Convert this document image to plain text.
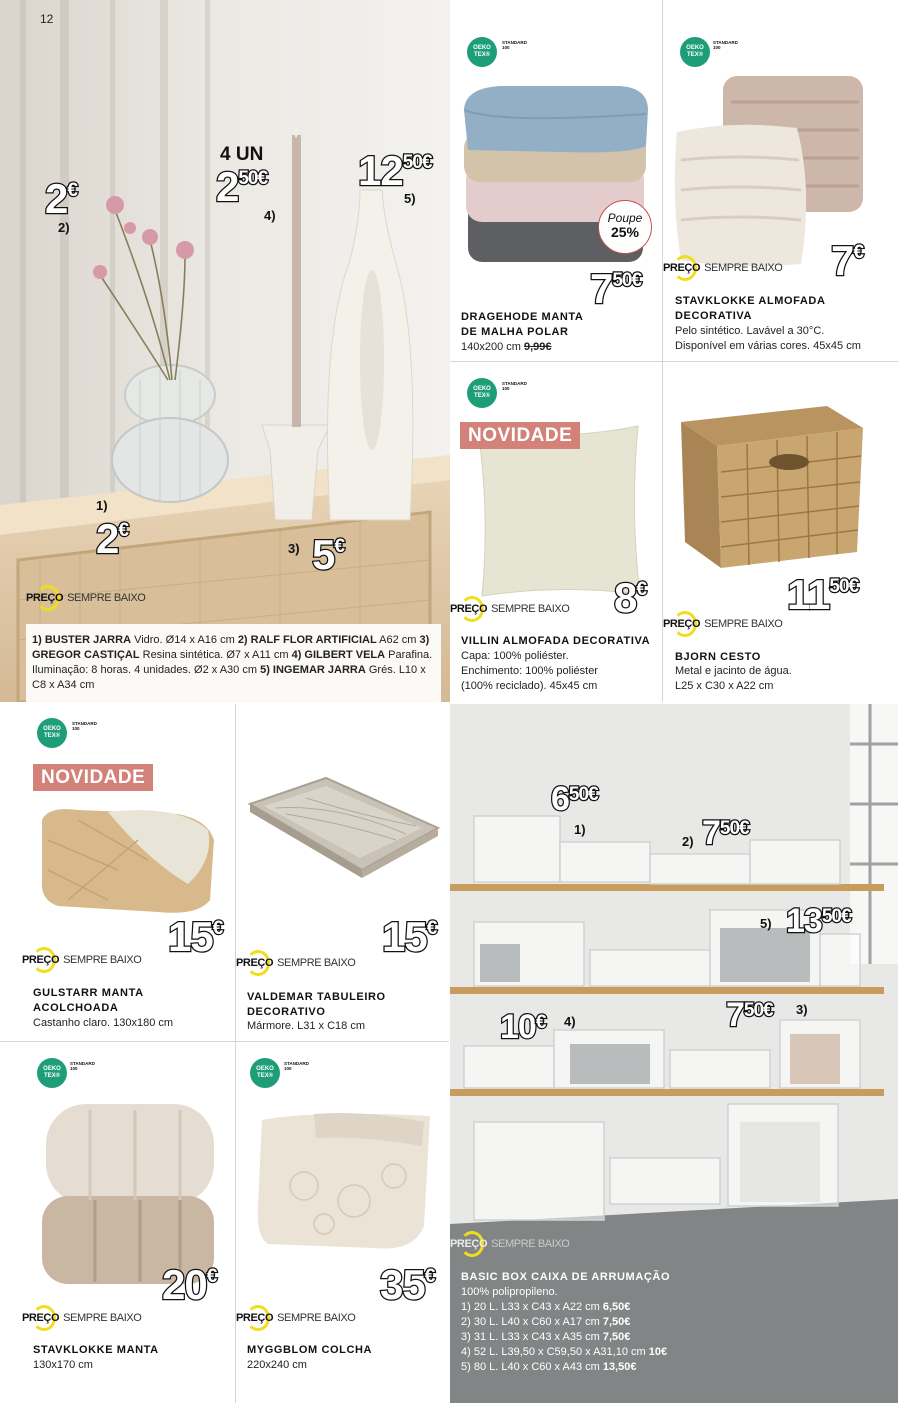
12
2€
2)
4 UN
250€
4)
1250€
5)
1)
2€
3) 5€
PREÇO SEMPRE BAIXO

1) BUSTER JARRA Vidro. Ø14 x A16 cm 2) RALF FLOR ARTIFICIAL A62 cm 3) GREGOR CASTIÇAL Resina sintética. Ø7 x A11 cm 4) GILBERT VELA Parafina. Iluminação: 8 horas. 4 unidades. Ø2 x A30 cm 5) INGEMAR JARRA Grés. L10 x C8 x A34 cm

OEKO
TEX®
STANDARD
100
Poupe
25%
750€
DRAGEHODE MANTA
DE MALHA POLAR
140x200 cm 9,99€
OEKO
TEX®
STANDARD
100
PREÇO SEMPRE BAIXO 7€
STAVKLOKKE ALMOFADA
DECORATIVA
Pelo sintético. Lavável a 30°C.
Disponível em várias cores. 45x45 cm
OEKO
TEX®
STANDARD
100
NOVIDADE
PREÇO SEMPRE BAIXO 8€
VILLIN ALMOFADA DECORATIVA
Capa: 100% poliéster.
Enchimento: 100% poliéster
(100% reciclado). 45x45 cm
1150€
PREÇO SEMPRE BAIXO
BJORN CESTO
Metal e jacinto de água.
L25 x C30 x A22 cm
OEKO
TEX®
STANDARD
100
NOVIDADE
15€
PREÇO SEMPRE BAIXO
GULSTARR MANTA
ACOLCHOADA
Castanho claro. 130x180 cm
15€
PREÇO SEMPRE BAIXO
VALDEMAR TABULEIRO
DECORATIVO
Mármore. L31 x C18 cm
OEKO
TEX®
STANDARD
100
20€
PREÇO SEMPRE BAIXO
STAVKLOKKE MANTA
130x170 cm
OEKO
TEX®
STANDARD
100
35€
PREÇO SEMPRE BAIXO
MYGGBLOM COLCHA
220x240 cm
650€
1)
2) 750€
5) 1350€
10€ 4)	750€ 3)
PREÇO SEMPRE BAIXO
BASIC BOX CAIXA DE ARRUMAÇÃO
100% polipropileno.
1) 20 L. L33 x C43 x A22 cm 6,50€
2) 30 L. L40 x C60 x A17 cm 7,50€
3) 31 L. L33 x C43 x A35 cm 7,50€
4) 52 L. L39,50 x C59,50 x A31,10 cm 10€
5) 80 L. L40 x C60 x A43 cm 13,50€
